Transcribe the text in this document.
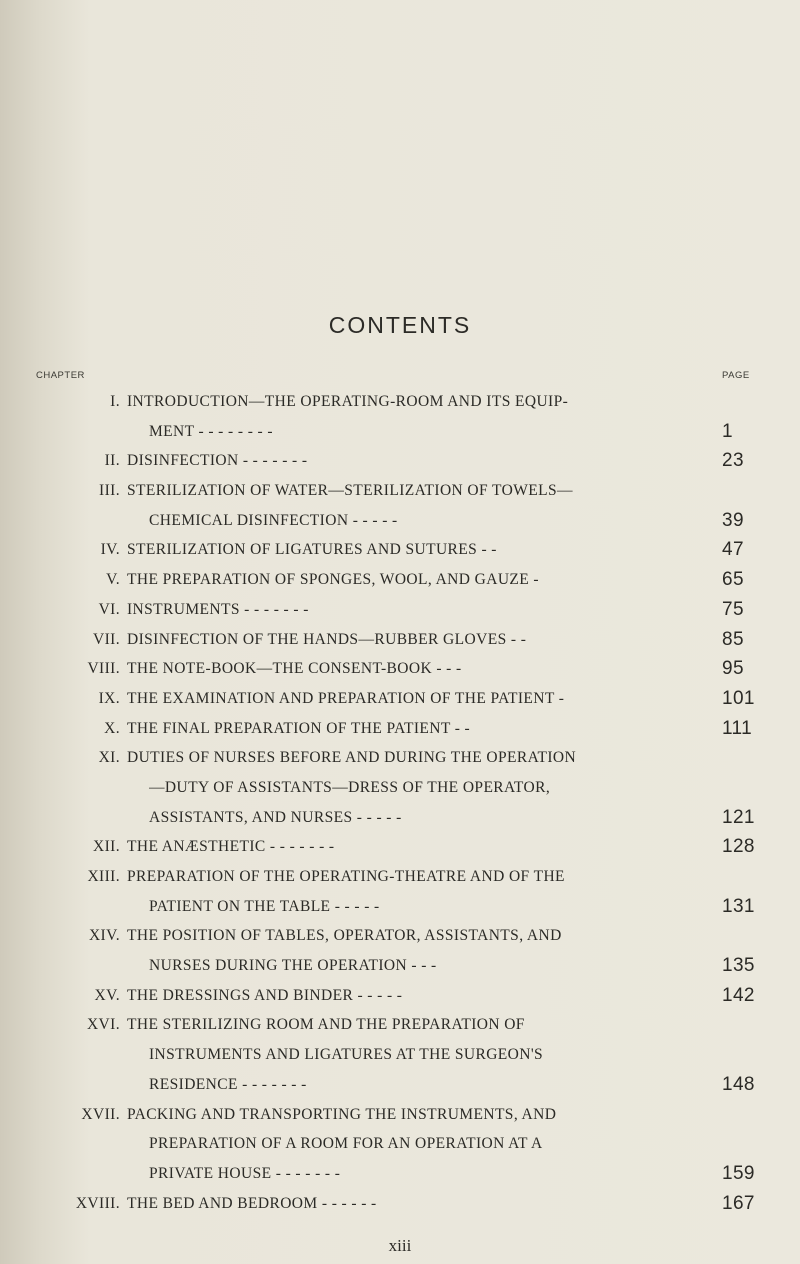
CONTENTS
CHAPTER	PAGE
I. INTRODUCTION—THE OPERATING-ROOM AND ITS EQUIP-
MENT - - - - - - - -	1
II. DISINFECTION - - - - - - -	23
III. STERILIZATION OF WATER—STERILIZATION OF TOWELS—
CHEMICAL DISINFECTION - - - - -	39
IV. STERILIZATION OF LIGATURES AND SUTURES - -	47
V. THE PREPARATION OF SPONGES, WOOL, AND GAUZE -	65
VI. INSTRUMENTS - - - - - - -	75
VII. DISINFECTION OF THE HANDS—RUBBER GLOVES - -	85
VIII. THE NOTE-BOOK—THE CONSENT-BOOK - - -	95
IX. THE EXAMINATION AND PREPARATION OF THE PATIENT -	101
X. THE FINAL PREPARATION OF THE PATIENT - -	111
XI. DUTIES OF NURSES BEFORE AND DURING THE OPERATION
—DUTY OF ASSISTANTS—DRESS OF THE OPERATOR,
ASSISTANTS, AND NURSES - - - - -	121
XII. THE ANÆSTHETIC - - - - - - -	128
XIII. PREPARATION OF THE OPERATING-THEATRE AND OF THE
PATIENT ON THE TABLE - - - - -	131
XIV. THE POSITION OF TABLES, OPERATOR, ASSISTANTS, AND
NURSES DURING THE OPERATION - - -	135
XV. THE DRESSINGS AND BINDER - - - - -	142
XVI. THE STERILIZING ROOM AND THE PREPARATION OF
INSTRUMENTS AND LIGATURES AT THE SURGEON'S
RESIDENCE - - - - - - -	148
XVII. PACKING AND TRANSPORTING THE INSTRUMENTS, AND
PREPARATION OF A ROOM FOR AN OPERATION AT A
PRIVATE HOUSE - - - - - - -	159
XVIII. THE BED AND BEDROOM - - - - - -	167
xiii
